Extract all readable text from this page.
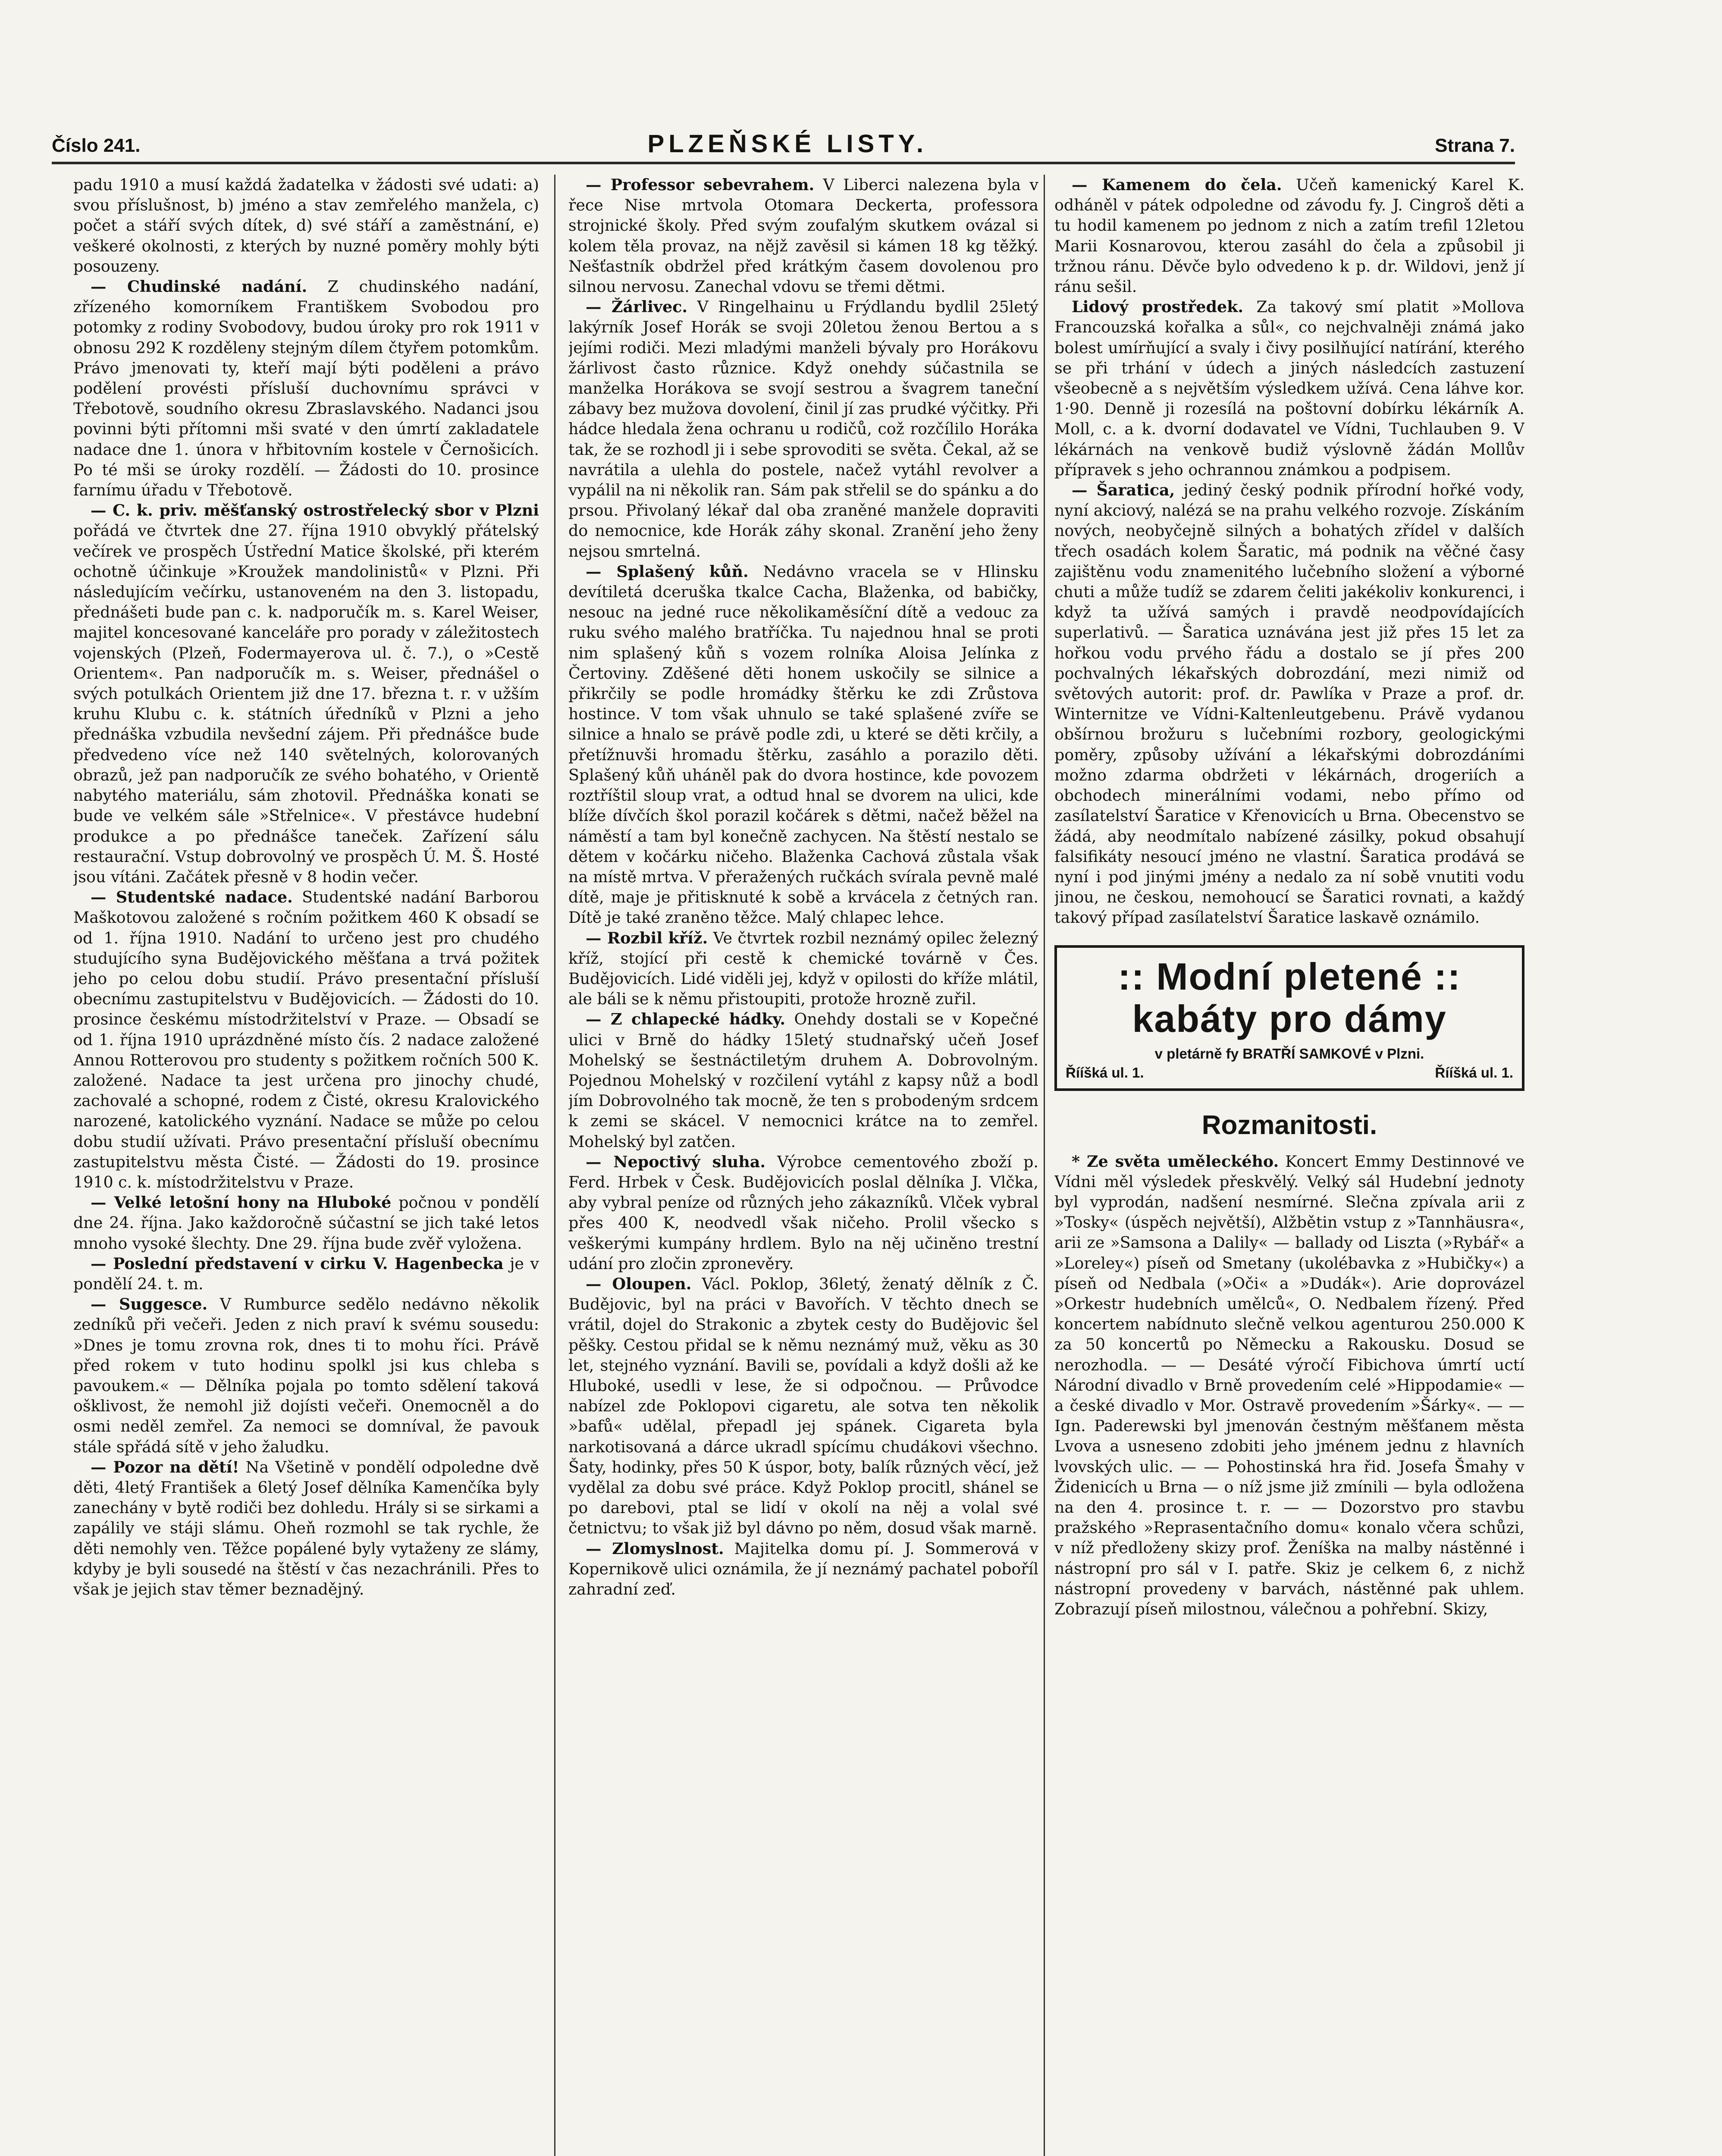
Číslo 241.	PLZEŇSKÉ LISTY.	Strana 7.

padu 1910 a musí každá žadatelka v žádosti své udati: a) svou příslušnost, b) jméno a stav zemřelého manžela, c) počet a stáří svých dítek, d) své stáří a zaměstnání, e) veškeré okolnosti, z kterých by nuzné poměry mohly býti posouzeny.

— Chudinské nadání. Z chudinského nadání, zřízeného komorníkem Františkem Svobodou pro potomky z rodiny Svobodovy, budou úroky pro rok 1911 v obnosu 292 K rozděleny stejným dílem čtyřem potomkům. Právo jmenovati ty, kteří mají býti poděleni a právo podělení provésti přísluší duchovnímu správci v Třebotově, soudního okresu Zbraslavského. Nadanci jsou povinni býti přítomni mši svaté v den úmrtí zakladatele nadace dne 1. února v hřbitovním kostele v Černošicích. Po té mši se úroky rozdělí. — Žádosti do 10. prosince farnímu úřadu v Třebotově.

— C. k. priv. měšťanský ostrostřelecký sbor v Plzni pořádá ve čtvrtek dne 27. října 1910 obvyklý přátelský večírek ve prospěch Ústřední Matice školské, při kterém ochotně účinkuje »Kroužek mandolinistů« v Plzni. Při následujícím večírku, ustanoveném na den 3. listopadu, přednášeti bude pan c. k. nadporučík m. s. Karel Weiser, majitel koncesované kanceláře pro porady v záležitostech vojenských (Plzeň, Fodermayerova ul. č. 7.), o »Cestě Orientem«. Pan nadporučík m. s. Weiser, přednášel o svých potulkách Orientem již dne 17. března t. r. v užším kruhu Klubu c. k. státních úředníků v Plzni a jeho přednáška vzbudila nevšední zájem. Při přednášce bude předvedeno více než 140 světelných, kolorovaných obrazů, jež pan nadporučík ze svého bohatého, v Orientě nabytého materiálu, sám zhotovil. Přednáška konati se bude ve velkém sále »Střelnice«. V přestávce hudební produkce a po přednášce taneček. Zařízení sálu restaurační. Vstup dobrovolný ve prospěch Ú. M. Š. Hosté jsou vítáni. Začátek přesně v 8 hodin večer.

— Studentské nadace. Studentské nadání Barborou Maškotovou založené s ročním požitkem 460 K obsadí se od 1. října 1910. Nadání to určeno jest pro chudého studujícího syna Budějovického měšťana a trvá požitek jeho po celou dobu studií. Právo presentační přísluší obecnímu zastupitelstvu v Budějovicích. — Žádosti do 10. prosince českému místodržitelství v Praze. — Obsadí se od 1. října 1910 uprázdněné místo čís. 2 nadace založené Annou Rotterovou pro studenty s požitkem ročních 500 K. založené. Nadace ta jest určena pro jinochy chudé, zachovalé a schopné, rodem z Čisté, okresu Kralovického narozené, katolického vyznání. Nadace se může po celou dobu studií užívati. Právo presentační přísluší obecnímu zastupitelstvu města Čisté. — Žádosti do 19. prosince 1910 c. k. místodržitelstvu v Praze.

— Velké letošní hony na Hluboké počnou v pondělí dne 24. října. Jako každoročně súčastní se jich také letos mnoho vysoké šlechty. Dne 29. října bude zvěř vyložena.

— Poslední představení v cirku V. Hagenbecka je v pondělí 24. t. m.

— Suggesce. V Rumburce sedělo nedávno několik zedníků při večeři. Jeden z nich praví k svému sousedu: »Dnes je tomu zrovna rok, dnes ti to mohu říci. Právě před rokem v tuto hodinu spolkl jsi kus chleba s pavoukem.« — Dělníka pojala po tomto sdělení taková ošklivost, že nemohl již dojísti večeři. Onemocněl a do osmi neděl zemřel. Za nemoci se domníval, že pavouk stále spřádá sítě v jeho žaludku.

— Pozor na dětí! Na Všetině v pondělí odpoledne dvě děti, 4letý František a 6letý Josef dělníka Kamenčíka byly zanechány v bytě rodiči bez dohledu. Hrály si se sirkami a zapálily ve stáji slámu. Oheň rozmohl se tak rychle, že děti nemohly ven. Těžce popálené byly vytaženy ze slámy, kdyby je byli sousedé na štěstí v čas nezachránili. Přes to však je jejich stav těmer beznadějný.

— Professor sebevrahem. V Liberci nalezena byla v řece Nise mrtvola Otomara Deckerta, professora strojnické školy. Před svým zoufalým skutkem ovázal si kolem těla provaz, na nějž zavěsil si kámen 18 kg těžký. Nešťastník obdržel před krátkým časem dovolenou pro silnou nervosu. Zanechal vdovu se třemi dětmi.

— Žárlivec. V Ringelhainu u Frýdlandu bydlil 25letý lakýrník Josef Horák se svoji 20letou ženou Bertou a s jejími rodiči. Mezi mladými manželi bývaly pro Horákovu žárlivost často různice. Když onehdy súčastnila se manželka Horákova se svojí sestrou a švagrem taneční zábavy bez mužova dovolení, činil jí zas prudké výčitky. Při hádce hledala žena ochranu u rodičů, což rozčílilo Horáka tak, že se rozhodl ji i sebe sprovoditi se světa. Čekal, až se navrátila a ulehla do postele, načež vytáhl revolver a vypálil na ni několik ran. Sám pak střelil se do spánku a do prsou. Přivolaný lékař dal oba zraněné manžele dopraviti do nemocnice, kde Horák záhy skonal. Zranění jeho ženy nejsou smrtelná.

— Splašený kůň. Nedávno vracela se v Hlinsku devítiletá dceruška tkalce Cacha, Blaženka, od babičky, nesouc na jedné ruce několikaměsíční dítě a vedouc za ruku svého malého bratříčka. Tu najednou hnal se proti nim splašený kůň s vozem rolníka Aloisa Jelínka z Čertoviny. Zděšené děti honem uskočily se silnice a přikrčily se podle hromádky štěrku ke zdi Zrůstova hostince. V tom však uhnulo se také splašené zvíře se silnice a hnalo se právě podle zdi, u které se děti krčily, a přetížnuvši hromadu štěrku, zasáhlo a porazilo děti. Splašený kůň uháněl pak do dvora hostince, kde povozem roztříštil sloup vrat, a odtud hnal se dvorem na ulici, kde blíže dívčích škol porazil kočárek s dětmi, načež běžel na náměstí a tam byl konečně zachycen. Na štěstí nestalo se dětem v kočárku ničeho. Blaženka Cachová zůstala však na místě mrtva. V přeražených ručkách svírala pevně malé dítě, maje je přitisknuté k sobě a krvácela z četných ran. Dítě je také zraněno těžce. Malý chlapec lehce.

— Rozbil kříž. Ve čtvrtek rozbil neznámý opilec železný kříž, stojící při cestě k chemické továrně v Čes. Budějovicích. Lidé viděli jej, když v opilosti do kříže mlátil, ale báli se k němu přistoupiti, protože hrozně zuřil.

— Z chlapecké hádky. Onehdy dostali se v Kopečné ulici v Brně do hádky 15letý studnařský učeň Josef Mohelský se šestnáctiletým druhem A. Dobrovolným. Pojednou Mohelský v rozčilení vytáhl z kapsy nůž a bodl jím Dobrovolného tak mocně, že ten s probodeným srdcem k zemi se skácel. V nemocnici krátce na to zemřel. Mohelský byl zatčen.

— Nepoctivý sluha. Výrobce cementového zboží p. Ferd. Hrbek v Česk. Budějovicích poslal dělníka J. Vlčka, aby vybral peníze od různých jeho zákazníků. Vlček vybral přes 400 K, neodvedl však ničeho. Prolil všecko s veškerými kumpány hrdlem. Bylo na něj učiněno trestní udání pro zločin zpronevěry.

— Oloupen. Václ. Poklop, 36letý, ženatý dělník z Č. Budějovic, byl na práci v Bavořích. V těchto dnech se vrátil, dojel do Strakonic a zbytek cesty do Budějovic šel pěšky. Cestou přidal se k němu neznámý muž, věku as 30 let, stejného vyznání. Bavili se, povídali a když došli až ke Hluboké, usedli v lese, že si odpočnou. — Průvodce nabízel zde Poklopovi cigaretu, ale sotva ten několik »bafů« udělal, přepadl jej spánek. Cigareta byla narkotisovaná a dárce ukradl spícímu chudákovi všechno. Šaty, hodinky, přes 50 K úspor, boty, balík různých věcí, jež vydělal za dobu své práce. Když Poklop procitl, shánel se po darebovi, ptal se lidí v okolí na něj a volal své četnictvu; to však již byl dávno po něm, dosud však marně.

— Zlomyslnost. Majitelka domu pí. J. Sommerová v Kopernikově ulici oznámila, že jí neznámý pachatel poboříl zahradní zeď.

— Kamenem do čela. Učeň kamenický Karel K. odháněl v pátek odpoledne od závodu fy. J. Cingroš děti a tu hodil kamenem po jednom z nich a zatím trefil 12letou Marii Kosnarovou, kterou zasáhl do čela a způsobil ji tržnou ránu. Děvče bylo odvedeno k p. dr. Wildovi, jenž jí ránu sešil.

Lidový prostředek. Za takový smí platit »Mollova Francouzská kořalka a sůl«, co nejchvalněji známá jako bolest umírňující a svaly i čivy posilňující natírání, kterého se při trhání v údech a jiných následcích zastuzení všeobecně a s největším výsledkem užívá. Cena láhve kor. 1·90. Denně ji rozesílá na poštovní dobírku lékárník A. Moll, c. a k. dvorní dodavatel ve Vídni, Tuchlauben 9. V lékárnách na venkově budiž výslovně žádán Mollův přípravek s jeho ochrannou známkou a podpisem.

— Šaratica, jediný český podnik přírodní hořké vody, nyní akciový, nalézá se na prahu velkého rozvoje. Získáním nových, neobyčejně silných a bohatých zřídel v dalších třech osadách kolem Šaratic, má podnik na věčné časy zajištěnu vodu znamenitého lučebního složení a výborné chuti a může tudíž se zdarem čeliti jakékoliv konkurenci, i když ta užívá samých i pravdě neodpovídajících superlativů. — Šaratica uznávána jest již přes 15 let za hořkou vodu prvého řádu a dostalo se jí přes 200 pochvalných lékařských dobrozdání, mezi nimiž od světových autorit: prof. dr. Pawlíka v Praze a prof. dr. Winternitze ve Vídni-Kaltenleutgebenu. Právě vydanou obšírnou brožuru s lučebními rozbory, geologickými poměry, způsoby užívání a lékařskými dobrozdáními možno zdarma obdržeti v lékárnách, drogeriích a obchodech minerálními vodami, nebo přímo od zasílatelství Šaratice v Křenovicích u Brna. Obecenstvo se žádá, aby neodmítalo nabízené zásilky, pokud obsahují falsifikáty nesoucí jméno ne vlastní. Šaratica prodává se nyní i pod jinými jmény a nedalo za ní sobě vnutiti vodu jinou, ne českou, nemohoucí se Šaratici rovnati, a každý takový případ zasílatelství Šaratice laskavě oznámilo.

:: Modní pletené ::
kabáty pro dámy
v pletárně fy BRATŘÍ SAMKOVÉ v Plzni.
Řííšká ul. 1.	Řííšká ul. 1.
Rozmanitosti.

* Ze světa uměleckého. Koncert Emmy Destinnové ve Vídni měl výsledek přeskvělý. Velký sál Hudební jednoty byl vyprodán, nadšení nesmírné. Slečna zpívala arii z »Tosky« (úspěch největší), Alžbětin vstup z »Tannhäusra«, arii ze »Samsona a Dalily« — ballady od Liszta (»Rybář« a »Loreley«) píseň od Smetany (ukolébavka z »Hubičky«) a píseň od Nedbala (»Oči« a »Dudák«). Arie doprovázel »Orkestr hudebních umělců«, O. Nedbalem řízený. Před koncertem nabídnuto slečně velkou agenturou 250.000 K za 50 koncertů po Německu a Rakousku. Dosud se nerozhodla. — — Desáté výročí Fibichova úmrtí uctí Národní divadlo v Brně provedením celé »Hippodamie« — a české divadlo v Mor. Ostravě provedením »Šárky«. — — Ign. Paderewski byl jmenován čestným měšťanem města Lvova a usneseno zdobiti jeho jménem jednu z hlavních lvovských ulic. — — Pohostinská hra řid. Josefa Šmahy v Židenicích u Brna — o níž jsme již zmínili — byla odložena na den 4. prosince t. r. — — Dozorstvo pro stavbu pražského »Reprasentačního domu« konalo včera schůzi, v níž předloženy skizy prof. Ženíška na malby nástěnné i nástropní pro sál v I. patře. Skiz je celkem 6, z nichž nástropní provedeny v barvách, nástěnné pak uhlem. Zobrazují píseň milostnou, válečnou a pohřební. Skizy,
